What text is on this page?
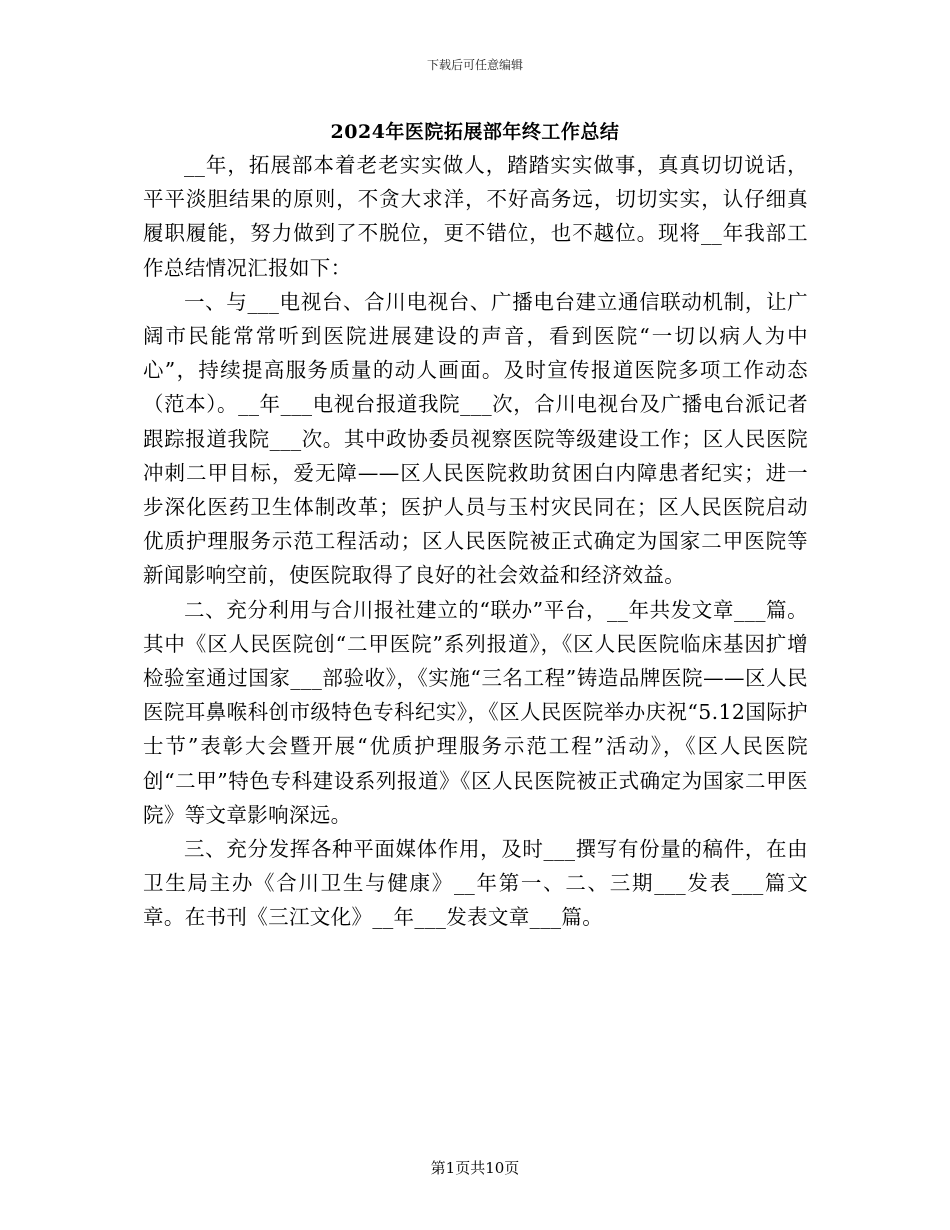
下载后可任意编辑
2024年医院拓展部年终工作总结

__年，拓展部本着老老实实做人，踏踏实实做事，真真切切说话，平平淡胆结果的原则，不贪大求洋，不好高务远，切切实实，认仔细真履职履能，努力做到了不脱位，更不错位，也不越位。现将__年我部工作总结情况汇报如下：

一、与___电视台、合川电视台、广播电台建立通信联动机制，让广阔市民能常常听到医院进展建设的声音，看到医院“一切以病人为中心”，持续提高服务质量的动人画面。及时宣传报道医院多项工作动态（范本）。__年___电视台报道我院___次，合川电视台及广播电台派记者跟踪报道我院___次。其中政协委员视察医院等级建设工作；区人民医院冲刺二甲目标，爱无障——区人民医院救助贫困白内障患者纪实；进一步深化医药卫生体制改革；医护人员与玉村灾民同在；区人民医院启动优质护理服务示范工程活动；区人民医院被正式确定为国家二甲医院等新闻影响空前，使医院取得了良好的社会效益和经济效益。

二、充分利用与合川报社建立的“联办”平台，__年共发文章___篇。其中《区人民医院创“二甲医院”系列报道》，《区人民医院临床基因扩增检验室通过国家___部验收》，《实施“三名工程”铸造品牌医院——区人民医院耳鼻喉科创市级特色专科纪实》，《区人民医院举办庆祝“5.12国际护士节”表彰大会暨开展“优质护理服务示范工程”活动》，《区人民医院创“二甲”特色专科建设系列报道》《区人民医院被正式确定为国家二甲医院》等文章影响深远。

三、充分发挥各种平面媒体作用，及时___撰写有份量的稿件，在由卫生局主办《合川卫生与健康》__年第一、二、三期___发表___篇文章。在书刊《三江文化》__年___发表文章___篇。

第1页共10页
